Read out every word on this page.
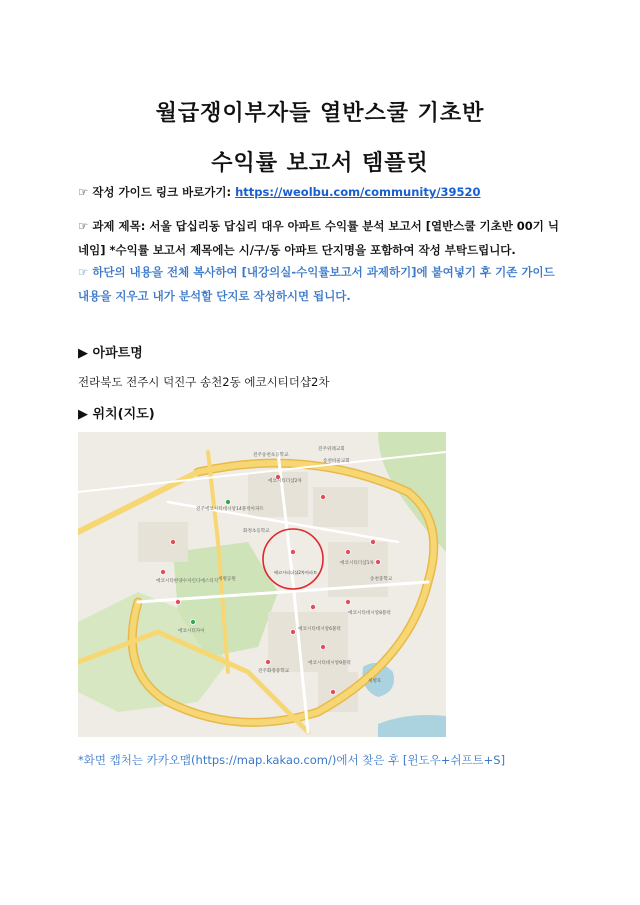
월급쟁이부자들 열반스쿨 기초반
수익률 보고서 템플릿
☞ 작성 가이드 링크 바로가기: https://weolbu.com/community/39520
☞ 과제 제목: 서울 답십리동 답십리 대우 아파트 수익률 분석 보고서 [열반스쿨 기초반 00기 닉네임] *수익률 보고서 제목에는 시/구/동 아파트 단지명을 포함하여 작성 부탁드립니다.
☞ 하단의 내용을 전체 복사하여 [내강의실-수익률보고서 과제하기]에 붙여넣기 후 기존 가이드 내용을 지우고 내가 분석할 단지로 작성하시면 됩니다.
▶ 아파트명
전라북도 전주시 덕진구 송천2동 에코시티더샵2차
▶ 위치(지도)
전주송천초등학교
전주위례교회
송천바울교회
전주에코시티데시앙14블럭아파트
에코시티더샵2차
에코시티한양수자인디에스티지
에코시티자이
화정초등학교
세병공원	송천중학교
에코시티더샵1차
에코시티데시앙6블럭
에코시티데시앙8블럭
에코시티데시앙9블럭
전주화정중학교
세병호
에코시티더샵2차아파트
*화면 캡처는 카카오맵(https://map.kakao.com/)에서 찾은 후 [윈도우+쉬프트+S]
